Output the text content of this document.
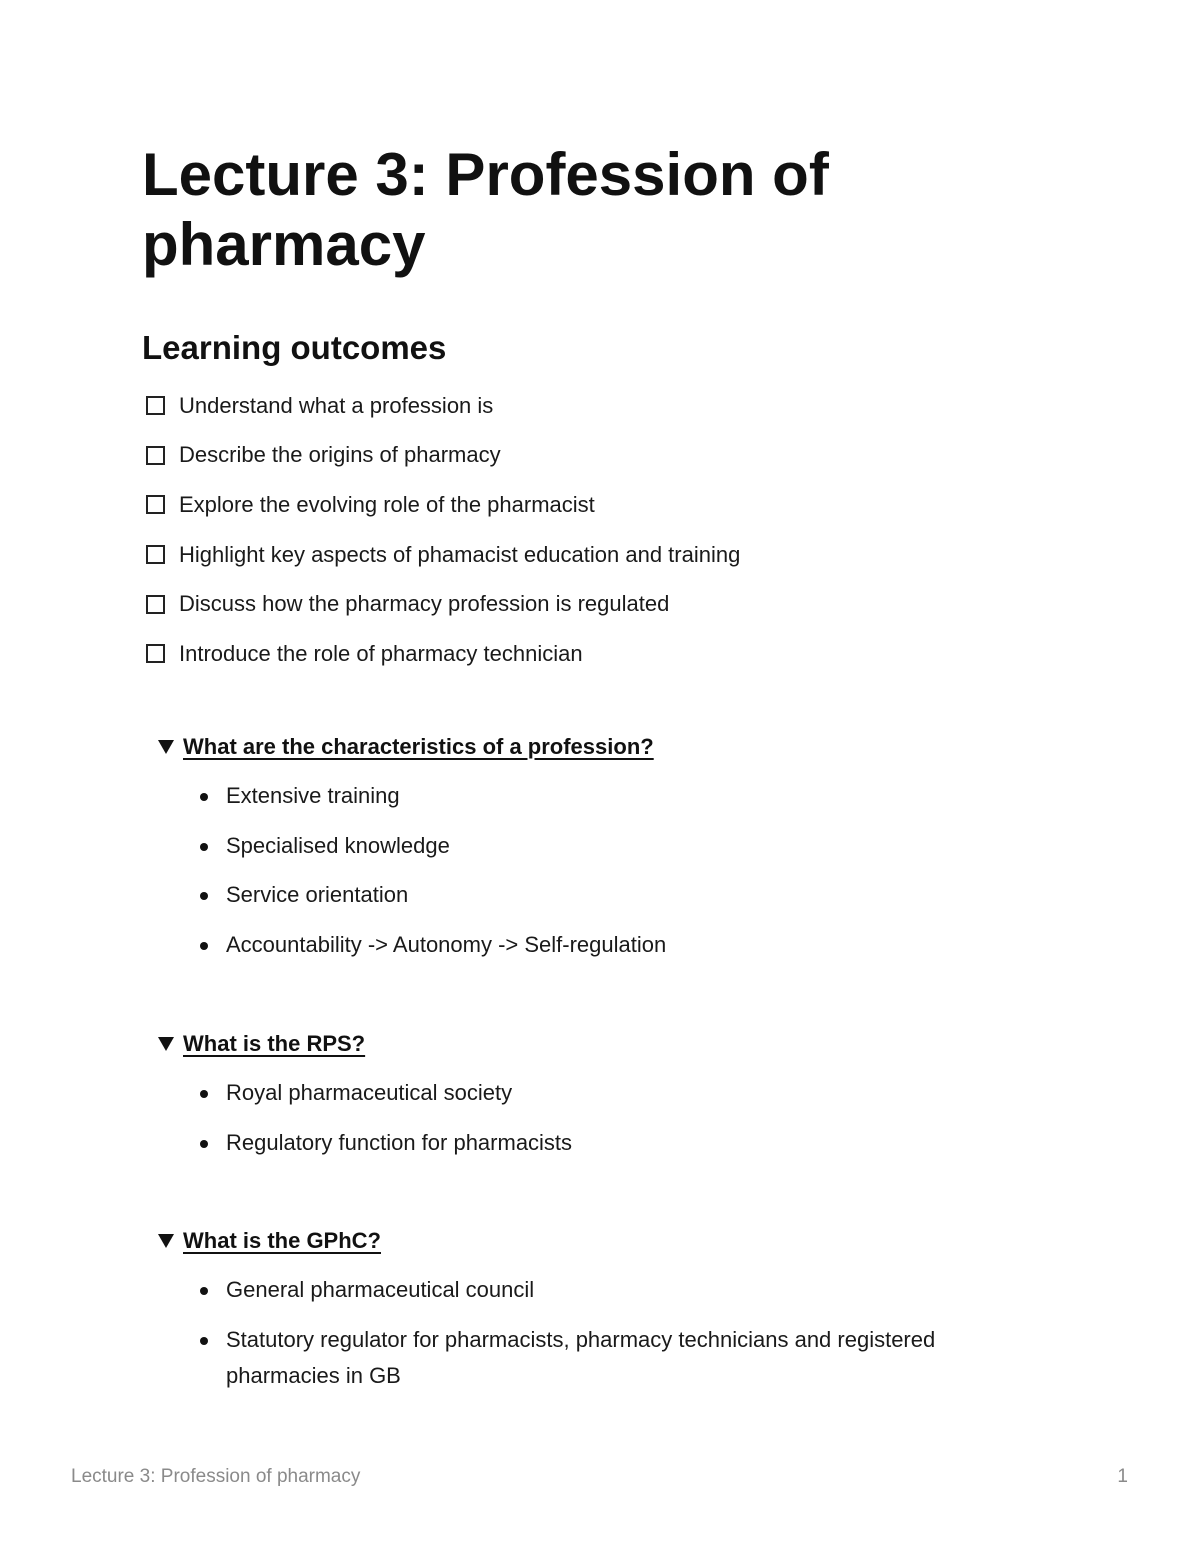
Lecture 3: Profession of pharmacy
Learning outcomes
Understand what a profession is
Describe the origins of pharmacy
Explore the evolving role of the pharmacist
Highlight key aspects of phamacist education and training
Discuss how the pharmacy profession is regulated
Introduce the role of pharmacy technician
What are the characteristics of a profession?
Extensive training
Specialised knowledge
Service orientation
Accountability -> Autonomy -> Self-regulation
What is the RPS?
Royal pharmaceutical society
Regulatory function for pharmacists
What is the GPhC?
General pharmaceutical council
Statutory regulator for pharmacists, pharmacy technicians and registered pharmacies in GB
Lecture 3: Profession of pharmacy	1
